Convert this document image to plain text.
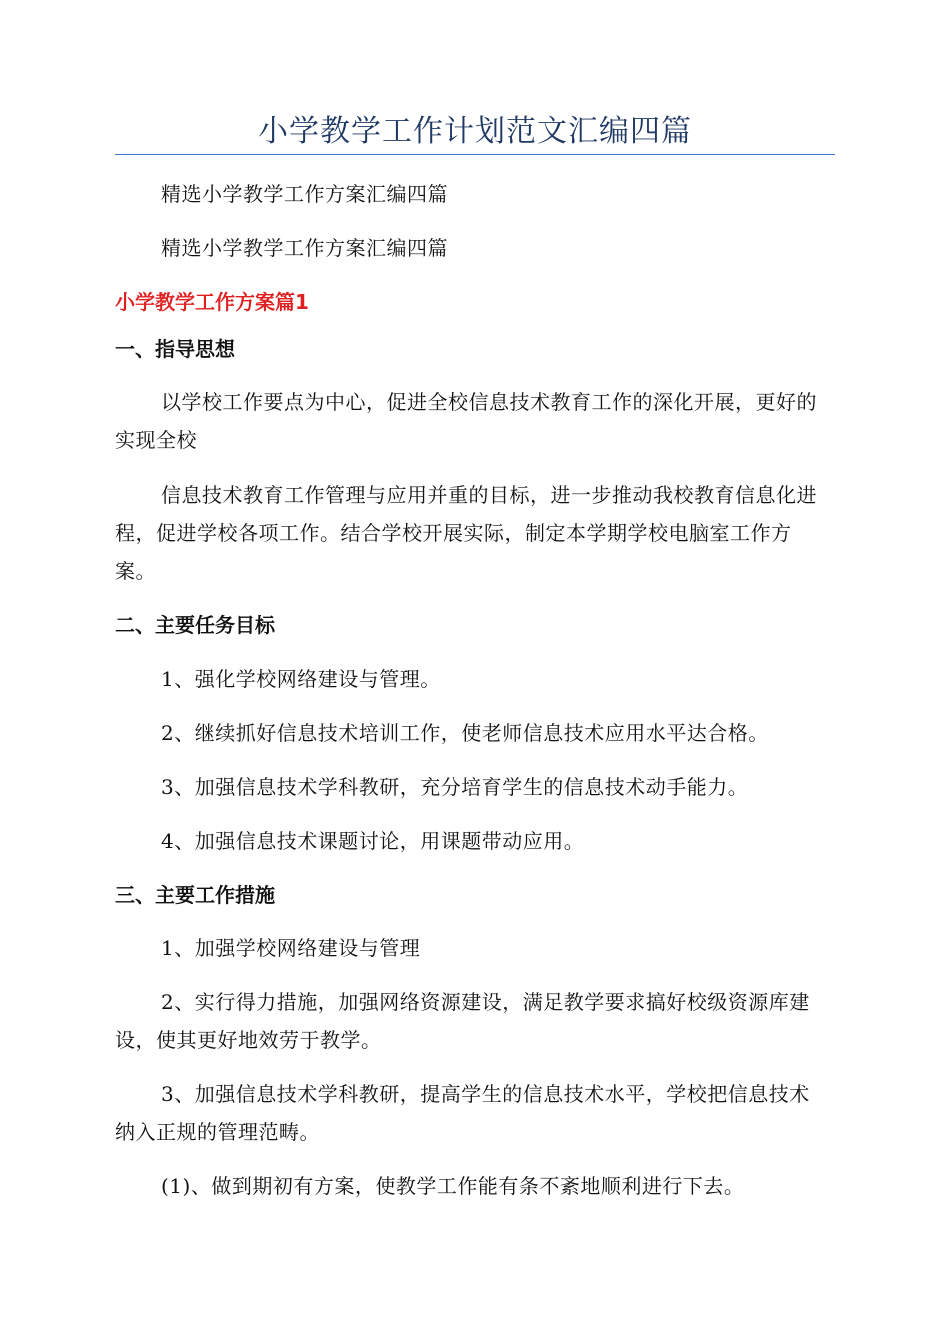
小学教学工作计划范文汇编四篇

精选小学教学工作方案汇编四篇

精选小学教学工作方案汇编四篇

小学教学工作方案篇1

一、指导思想

以学校工作要点为中心，促进全校信息技术教育工作的深化开展，更好的实现全校

信息技术教育工作管理与应用并重的目标，进一步推动我校教育信息化进程，促进学校各项工作。结合学校开展实际，制定本学期学校电脑室工作方案。

二、主要任务目标

1、强化学校网络建设与管理。

2、继续抓好信息技术培训工作，使老师信息技术应用水平达合格。

3、加强信息技术学科教研，充分培育学生的信息技术动手能力。

4、加强信息技术课题讨论，用课题带动应用。

三、主要工作措施

1、加强学校网络建设与管理

2、实行得力措施，加强网络资源建设，满足教学要求搞好校级资源库建设，使其更好地效劳于教学。

3、加强信息技术学科教研，提高学生的信息技术水平，学校把信息技术纳入正规的管理范畴。

(1)、做到期初有方案，使教学工作能有条不紊地顺利进行下去。
